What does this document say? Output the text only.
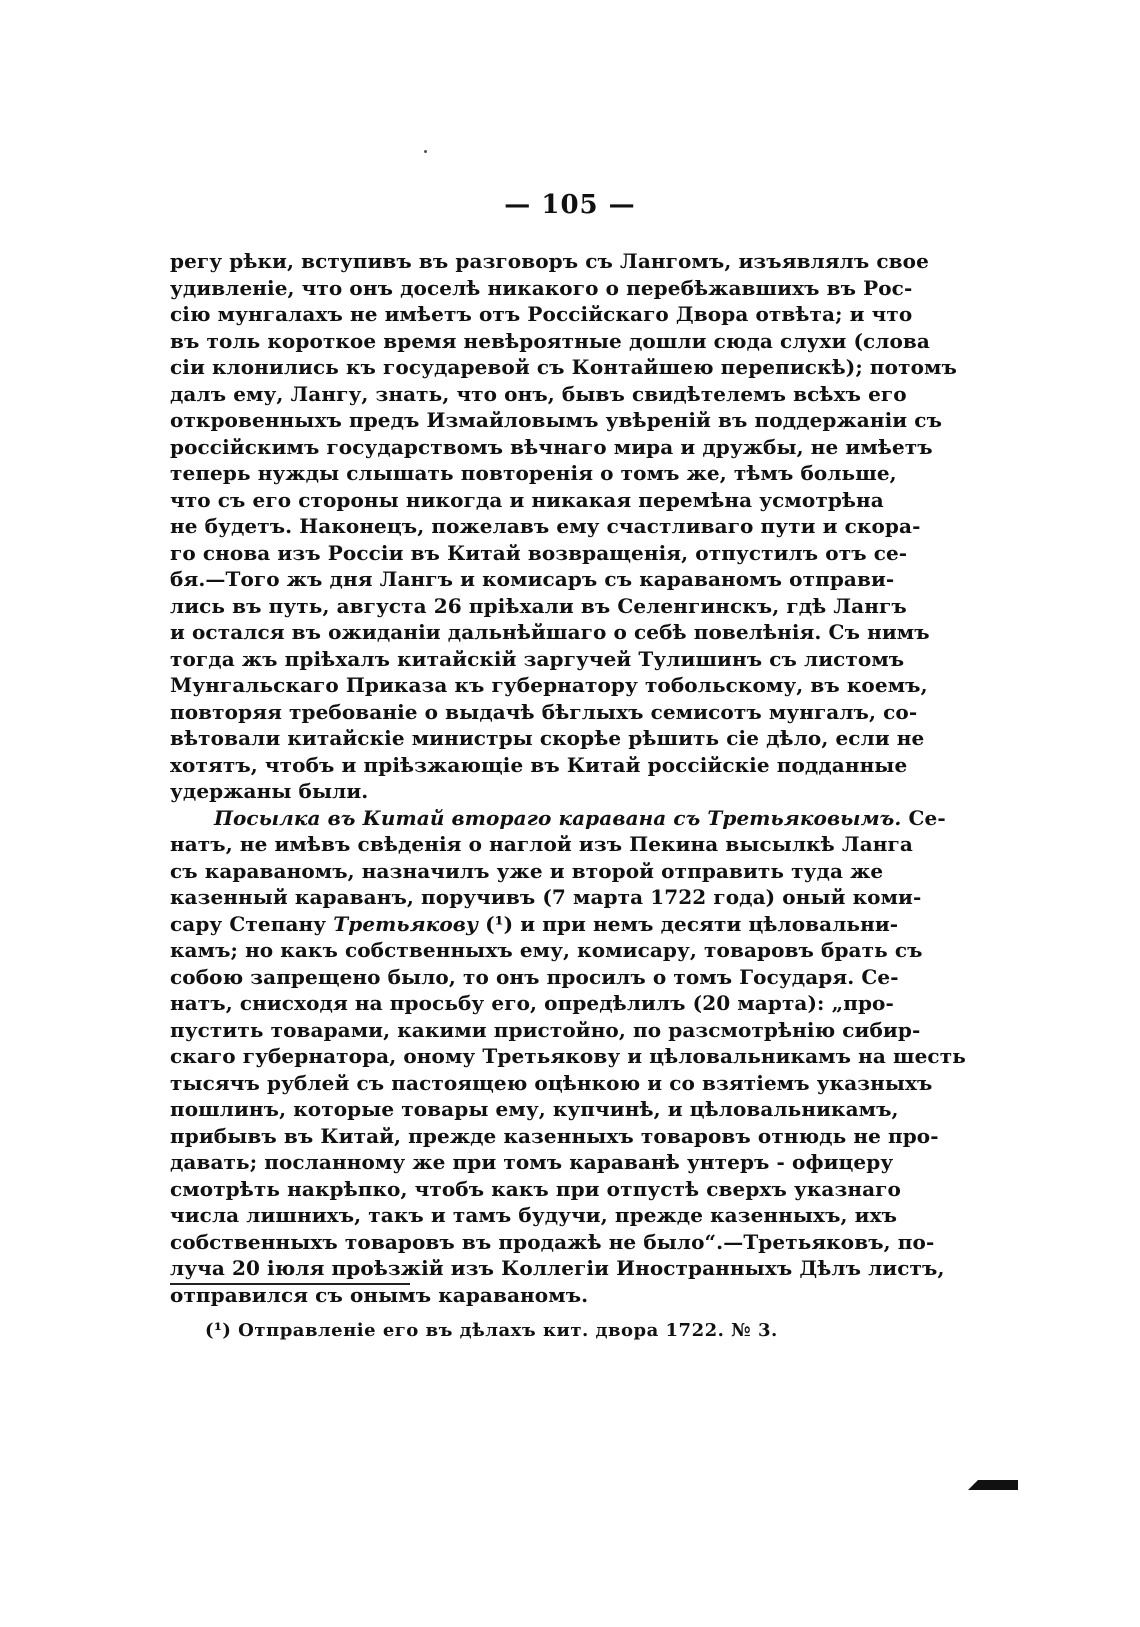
— 105 —
регу рѣки, вступивъ въ разговоръ съ Лангомъ, изъявлялъ свое
удивленіе, что онъ доселѣ никакого о перебѣжавшихъ въ Рос-
сію мунгалахъ не имѣетъ отъ Россійскаго Двора отвѣта; и что
въ толь короткое время невѣроятные дошли сюда слухи (слова
сіи клонились къ государевой съ Контайшею перепискѣ); потомъ
далъ ему, Лангу, знать, что онъ, бывъ свидѣтелемъ всѣхъ его
откровенныхъ предъ Измайловымъ увѣреній въ поддержаніи съ
россійскимъ государствомъ вѣчнаго мира и дружбы, не имѣетъ
теперь нужды слышать повторенія о томъ же, тѣмъ больше,
что съ его стороны никогда и никакая перемѣна усмотрѣна
не будетъ. Наконецъ, пожелавъ ему счастливаго пути и скора-
го снова изъ Россіи въ Китай возвращенія, отпустилъ отъ се-
бя.—Того жъ дня Лангъ и комисаръ съ караваномъ отправи-
лись въ путь, августа 26 пріѣхали въ Селенгинскъ, гдѣ Лангъ
и остался въ ожиданіи дальнѣйшаго о себѣ повелѣнія. Съ нимъ
тогда жъ пріѣхалъ китайскій заргучей Тулишинъ съ листомъ
Мунгальскаго Приказа къ губернатору тобольскому, въ коемъ,
повторяя требованіе о выдачѣ бѣглыхъ семисотъ мунгалъ, со-
вѣтовали китайскіе министры скорѣе рѣшить сіе дѣло, если не
хотятъ, чтобъ и пріѣзжающіе въ Китай россійскіе подданные
удержаны были.
Посылка въ Китай втораго каравана съ Третьяковымъ. Се-
натъ, не имѣвъ свѣденія о наглой изъ Пекина высылкѣ Ланга
съ караваномъ, назначилъ уже и второй отправить туда же
казенный караванъ, поручивъ (7 марта 1722 года) оный коми-
сару Степану Третьякову (¹) и при немъ десяти цѣловальни-
камъ; но какъ собственныхъ ему, комисару, товаровъ брать съ
собою запрещено было, то онъ просилъ о томъ Государя. Се-
натъ, снисходя на просьбу его, опредѣлилъ (20 марта): „про-
пустить товарами, какими пристойно, по разсмотрѣнію сибир-
скаго губернатора, оному Третьякову и цѣловальникамъ на шесть
тысячъ рублей съ пастоящею оцѣнкою и со взятіемъ указныхъ
пошлинъ, которые товары ему, купчинѣ, и цѣловальникамъ,
прибывъ въ Китай, прежде казенныхъ товаровъ отнюдь не про-
давать; посланному же при томъ караванѣ унтеръ - офицеру
смотрѣть накрѣпко, чтобъ какъ при отпустѣ сверхъ указнаго
числа лишнихъ, такъ и тамъ будучи, прежде казенныхъ, ихъ
собственныхъ товаровъ въ продажѣ не было“.—Третьяковъ, по-
луча 20 іюля проѣзжій изъ Коллегіи Иностранныхъ Дѣлъ листъ,
отправился съ онымъ караваномъ.
(¹) Отправленіе его въ дѣлахъ кит. двора 1722. № 3.
